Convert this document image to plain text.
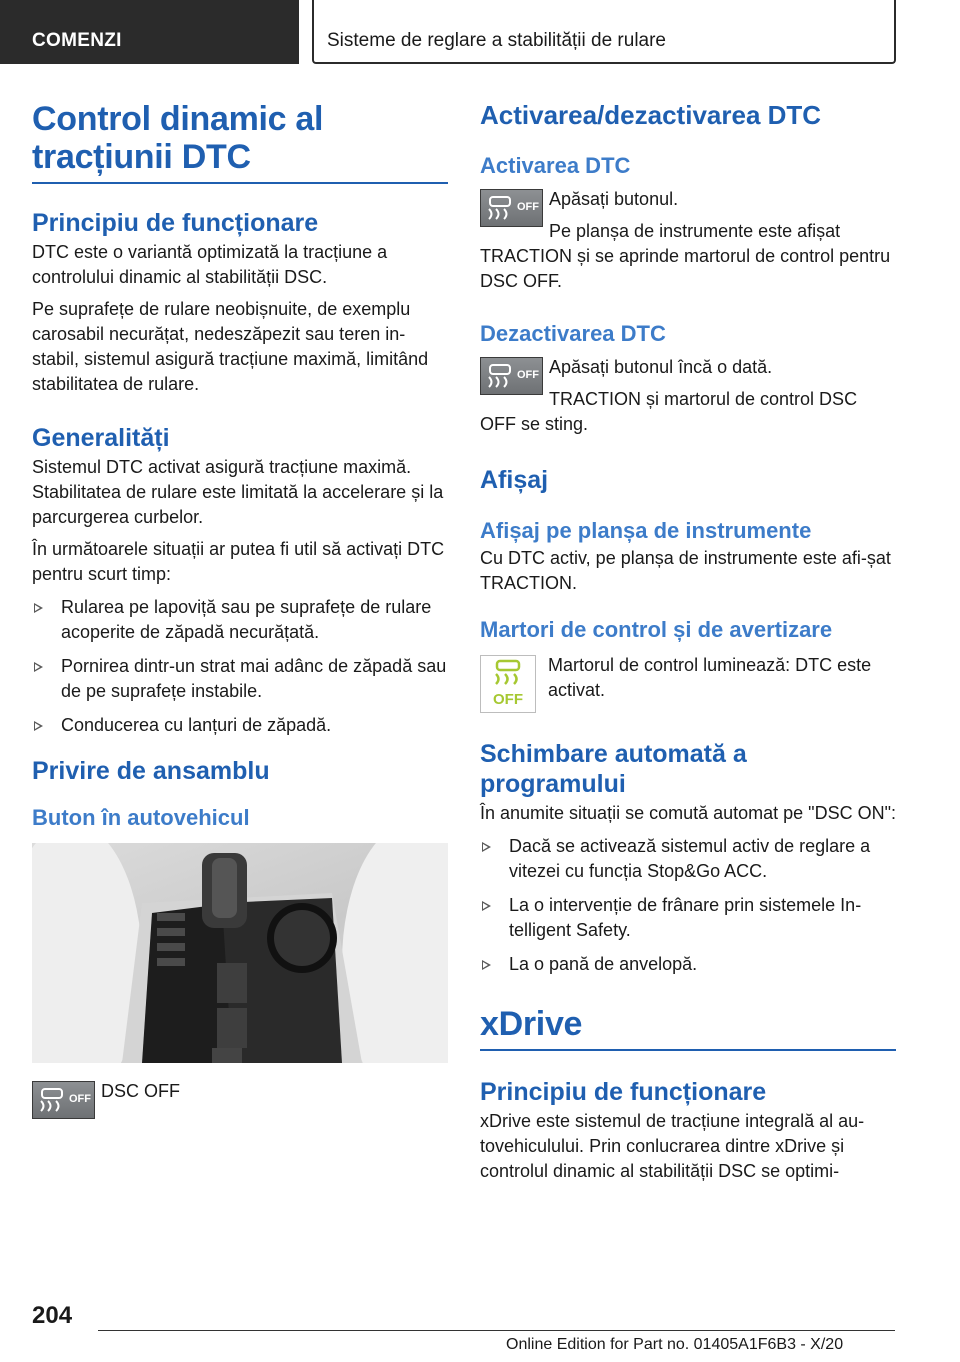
COMENZI	Sisteme de reglare a stabilității de rulare
Control dinamic al tracțiunii DTC
Principiu de funcționare
DTC este o variantă optimizată la tracțiune a controlului dinamic al stabilității DSC.
Pe suprafețe de rulare neobișnuite, de exemplu carosabil necurățat, nedeszăpezit sau teren in-stabil, sistemul asigură tracțiune maximă, limitând stabilitatea de rulare.
Generalități
Sistemul DTC activat asigură tracțiune maximă. Stabilitatea de rulare este limitată la accelerare și la parcurgerea curbelor.
În următoarele situații ar putea fi util să activați DTC pentru scurt timp:
Rularea pe lapoviță sau pe suprafețe de rulare acoperite de zăpadă necurățată.
Pornirea dintr-un strat mai adânc de zăpadă sau de pe suprafețe instabile.
Conducerea cu lanțuri de zăpadă.
Privire de ansamblu
Buton în autovehicul
OFF DSC OFF
Activarea/dezactivarea DTC
Activarea DTC
OFF Apăsați butonul.
Pe planșa de instrumente este afișat TRACTION și se aprinde martorul de control pentru DSC OFF.
Dezactivarea DTC
OFF Apăsați butonul încă o dată.
TRACTION și martorul de control DSC OFF se sting.
Afișaj
Afișaj pe planșa de instrumente
Cu DTC activ, pe planșa de instrumente este afi-șat TRACTION.
Martori de control și de avertizare
OFF
Martorul de control luminează: DTC este activat.
Schimbare automată a programului
În anumite situații se comută automat pe "DSC ON":
Dacă se activează sistemul activ de reglare a vitezei cu funcția Stop&Go ACC.
La o intervenție de frânare prin sistemele In-telligent Safety.
La o pană de anvelopă.
xDrive
Principiu de funcționare
xDrive este sistemul de tracțiune integrală al au-tovehiculului. Prin conlucrarea dintre xDrive și controlul dinamic al stabilității DSC se optimi-
204
Online Edition for Part no. 01405A1F6B3 - X/20
